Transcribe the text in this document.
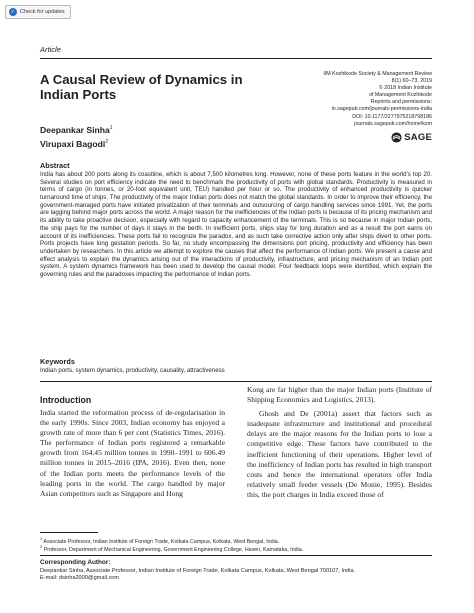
✓ Check for updates
Article
A Causal Review of Dynamics in Indian Ports
IIM Kozhikode Society & Management Review
8(1) 60–73, 2019
© 2018 Indian Institute
of Management Kozhikode
Reprints and permissions:
in.sagepub.com/journals-permissions-india
DOI: 10.1177/2277975218798186
journals.sagepub.com/home/ksm
SAGE
Deepankar Sinha$^1$
Virupaxi Bagodi$^2$
Abstract

India has about 200 ports along its coastline, which is about 7,500 kilometres long. However, none of these ports feature in the world’s top 20. Several studies on port efficiency indicate the need to benchmark the productivity of ports with global standards. Productivity is measured in terms of cargo (in tonnes, or 20-foot equivalent unit, TEU) handled per hour or so. The productivity of enhanced productivity is quicker turnaround time of ships. The productivity of the major Indian ports does not match the global standards. In order to improve their efficiency, the government-managed ports have initiated privatization of their terminals and outsourcing of cargo handling services since 1991. Yet, the ports are lagging behind major ports across the world. A major reason for the inefficiencies of the Indian ports is because of its pricing mechanism and its ability to take proactive decision, especially with regard to capacity enhancement of the terminals. This is so because in major Indian ports, the ship pays for the number of days it stays in the berth. In inefficient ports, ships stay for long duration and as a result the port earns on account of its inefficiencies. These ports fail to recognize the paradox, and as such take corrective action only after ships divert to other ports. Ports projects have long gestation periods. So far, no study encompassing the dimensions port pricing, productivity and efficiency has been undertaken by researchers. In this article we attempt to explore the causes that affect the performance of Indian ports. We present a cause and effect analysis to explain the dynamics arising out of the interactions of productivity, infrastructure, and pricing mechanism of an Indian port system. A system dynamics framework has been used to develop the causal model. Four feedback loops were identified, which explain the governing rules and the paradoxes impacting the performance of Indian ports.

Keywords
Indian ports, system dynamics, productivity, causality, attractiveness
Introduction

India started the reformation process of de-regularisation in the early 1990s. Since 2003, Indian economy has enjoyed a growth rate of more than 6 per cent (Statistics Times, 2016). The performance of Indian ports registered a remarkable growth from 164.45 million tonnes in 1990–1991 to 606.49 million tonnes in 2015–2016 (IPA, 2016). Even then, none of the Indian ports meets the performance levels of the leading ports in the world. The cargo handled by major Asian competitors such as Singapore and Hong

Kong are far higher than the major Indian ports (Institute of Shipping Economics and Logistics, 2013).

Ghosh and De (2001a) assert that factors such as inadequate infrastructure and institutional and procedural delays are the major reasons for the Indian ports to lose a competitive edge. These factors have contributed to the inefficient functioning of their operations. Higher level of the inefficiency of Indian ports has resulted in high transport costs and hence the international operators offer India relatively small feeder vessels (De Monie, 1995). Besides this, the port charges in India exceed those of

$^1$ Associate Professor, Indian Institute of Foreign Trade, Kolkata Campus, Kolkata, West Bengal, India.

$^2$ Professor, Department of Mechanical Engineering, Government Engineering College, Haveri, Karnataka, India.

Corresponding Author:

Deepankar Sinha, Associate Professor, Indian Institute of Foreign Trade, Kolkata Campus, Kolkata, West Bengal 700107, India.
E-mail: dsinha2000@gmail.com
